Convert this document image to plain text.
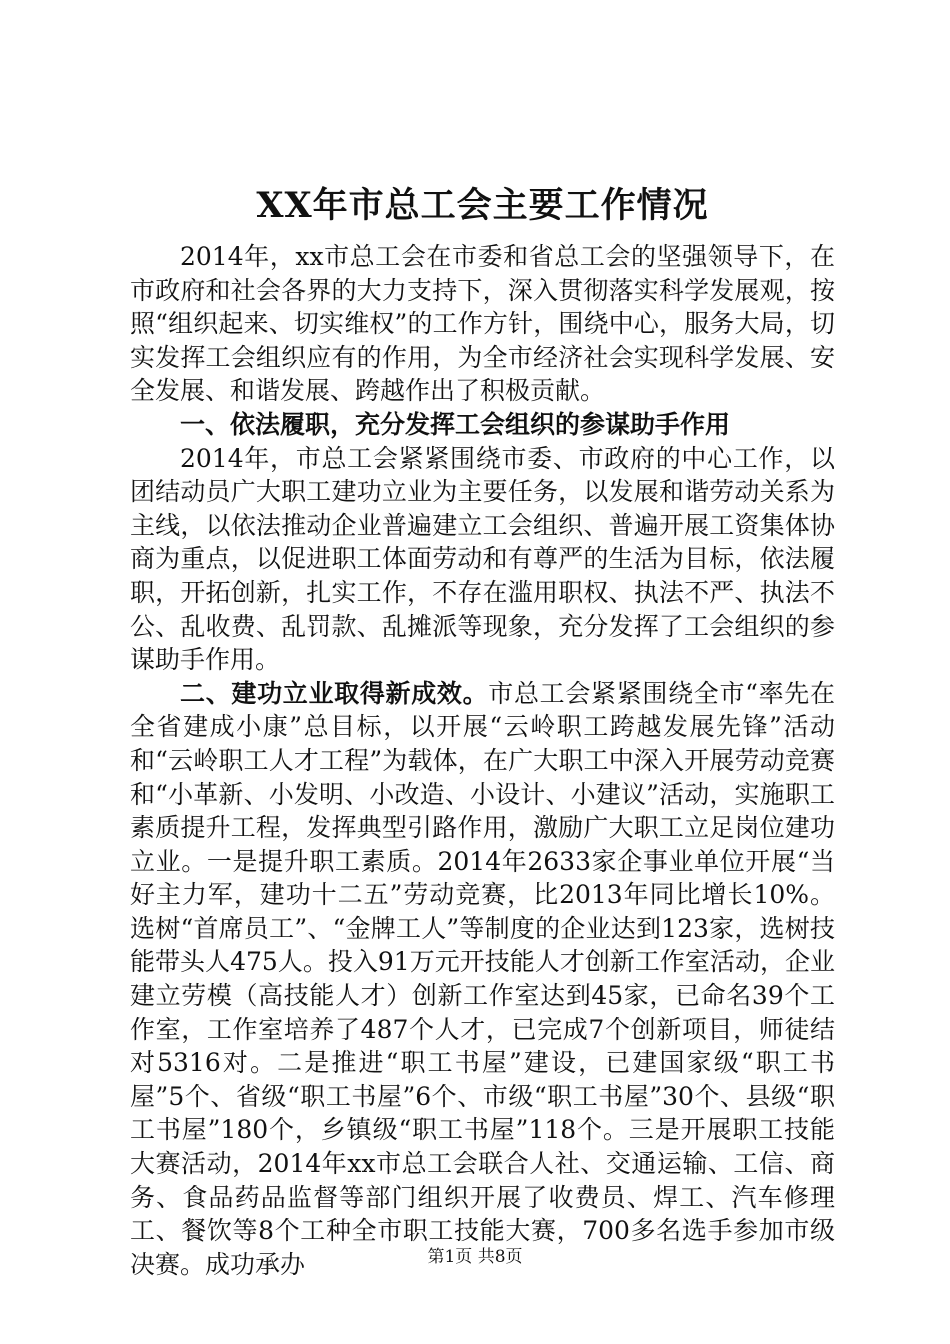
XX年市总工会主要工作情况

2014年，xx市总工会在市委和省总工会的坚强领导下，在市政府和社会各界的大力支持下，深入贯彻落实科学发展观，按照“组织起来、切实维权”的工作方针，围绕中心，服务大局，切实发挥工会组织应有的作用，为全市经济社会实现科学发展、安全发展、和谐发展、跨越作出了积极贡献。

一、依法履职，充分发挥工会组织的参谋助手作用

2014年，市总工会紧紧围绕市委、市政府的中心工作，以团结动员广大职工建功立业为主要任务，以发展和谐劳动关系为主线，以依法推动企业普遍建立工会组织、普遍开展工资集体协商为重点，以促进职工体面劳动和有尊严的生活为目标，依法履职，开拓创新，扎实工作，不存在滥用职权、执法不严、执法不公、乱收费、乱罚款、乱摊派等现象，充分发挥了工会组织的参谋助手作用。

二、建功立业取得新成效。市总工会紧紧围绕全市“率先在全省建成小康”总目标，以开展“云岭职工跨越发展先锋”活动和“云岭职工人才工程”为载体，在广大职工中深入开展劳动竞赛和“小革新、小发明、小改造、小设计、小建议”活动，实施职工素质提升工程，发挥典型引路作用，激励广大职工立足岗位建功立业。一是提升职工素质。2014年2633家企事业单位开展“当好主力军，建功十二五”劳动竞赛，比2013年同比增长10%。选树“首席员工”、“金牌工人”等制度的企业达到123家，选树技能带头人475人。投入91万元开技能人才创新工作室活动，企业建立劳模（高技能人才）创新工作室达到45家，已命名39个工作室，工作室培养了487个人才，已完成7个创新项目，师徒结对5316对。二是推进“职工书屋”建设，已建国家级“职工书屋”5个、省级“职工书屋”6个、市级“职工书屋”30个、县级“职工书屋”180个，乡镇级“职工书屋”118个。三是开展职工技能大赛活动，2014年xx市总工会联合人社、交通运输、工信、商务、食品药品监督等部门组织开展了收费员、焊工、汽车修理工、餐饮等8个工种全市职工技能大赛，700多名选手参加市级决赛。成功承办	第1页 共8页
